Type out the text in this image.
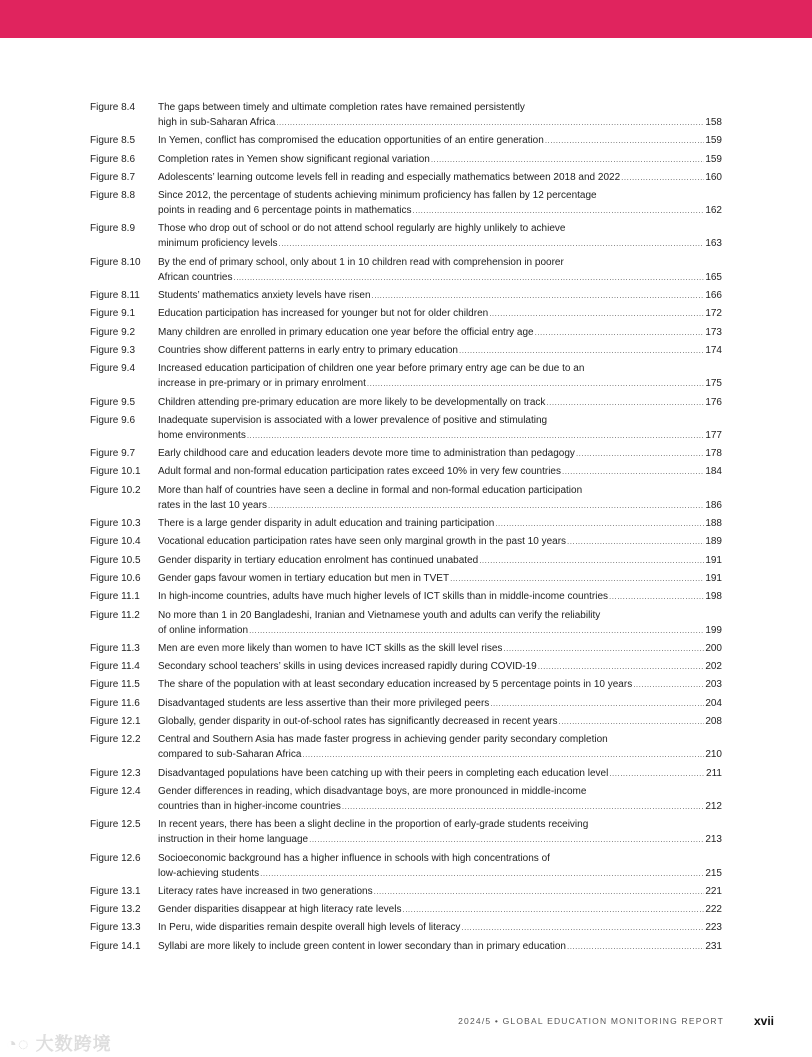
Figure 8.4	The gaps between timely and ultimate completion rates have remained persistently
high in sub-Saharan Africa .....	158
Figure 8.5	In Yemen, conflict has compromised the education opportunities of an entire generation .....	159
Figure 8.6	Completion rates in Yemen show significant regional variation .....	159
Figure 8.7	Adolescents’ learning outcome levels fell in reading and especially mathematics between 2018 and 2022 .....	160
Figure 8.8	Since 2012, the percentage of students achieving minimum proficiency has fallen by 12 percentage
points in reading and 6 percentage points in mathematics .....	162
Figure 8.9	Those who drop out of school or do not attend school regularly are highly unlikely to achieve
minimum proficiency levels .....	163
Figure 8.10	By the end of primary school, only about 1 in 10 children read with comprehension in poorer
African countries .....	165
Figure 8.11	Students’ mathematics anxiety levels have risen .....	166
Figure 9.1	Education participation has increased for younger but not for older children .....	172
Figure 9.2	Many children are enrolled in primary education one year before the official entry age .....	173
Figure 9.3	Countries show different patterns in early entry to primary education .....	174
Figure 9.4	Increased education participation of children one year before primary entry age can be due to an
increase in pre-primary or in primary enrolment .....	175
Figure 9.5	Children attending pre-primary education are more likely to be developmentally on track .....	176
Figure 9.6	Inadequate supervision is associated with a lower prevalence of positive and stimulating
home environments .....	177
Figure 9.7	Early childhood care and education leaders devote more time to administration than pedagogy .....	178
Figure 10.1	Adult formal and non-formal education participation rates exceed 10% in very few countries .....	184
Figure 10.2	More than half of countries have seen a decline in formal and non-formal education participation
rates in the last 10 years .....	186
Figure 10.3	There is a large gender disparity in adult education and training participation .....	188
Figure 10.4	Vocational education participation rates have seen only marginal growth in the past 10 years .....	189
Figure 10.5	Gender disparity in tertiary education enrolment has continued unabated .....	191
Figure 10.6	Gender gaps favour women in tertiary education but men in TVET .....	191
Figure 11.1	In high-income countries, adults have much higher levels of ICT skills than in middle-income countries .....	198
Figure 11.2	No more than 1 in 20 Bangladeshi, Iranian and Vietnamese youth and adults can verify the reliability
of online information .....	199
Figure 11.3	Men are even more likely than women to have ICT skills as the skill level rises .....	200
Figure 11.4	Secondary school teachers’ skills in using devices increased rapidly during COVID-19 .....	202
Figure 11.5	The share of the population with at least secondary education increased by 5 percentage points in 10 years .....	203
Figure 11.6	Disadvantaged students are less assertive than their more privileged peers .....	204
Figure 12.1	Globally, gender disparity in out-of-school rates has significantly decreased in recent years .....	208
Figure 12.2	Central and Southern Asia has made faster progress in achieving gender parity secondary completion
compared to sub-Saharan Africa .....	210
Figure 12.3	Disadvantaged populations have been catching up with their peers in completing each education level .....	211
Figure 12.4	Gender differences in reading, which disadvantage boys, are more pronounced in middle-income
countries than in higher-income countries .....	212
Figure 12.5	In recent years, there has been a slight decline in the proportion of early-grade students receiving
instruction in their home language .....	213
Figure 12.6	Socioeconomic background has a higher influence in schools with high concentrations of
low-achieving students .....	215
Figure 13.1	Literacy rates have increased in two generations .....	221
Figure 13.2	Gender disparities disappear at high literacy rate levels .....	222
Figure 13.3	In Peru, wide disparities remain despite overall high levels of literacy .....	223
Figure 14.1	Syllabi are more likely to include green content in lower secondary than in primary education .....	231
2024/5 • GLOBAL EDUCATION MONITORING REPORT	xvii
◔◌ 大数跨境
